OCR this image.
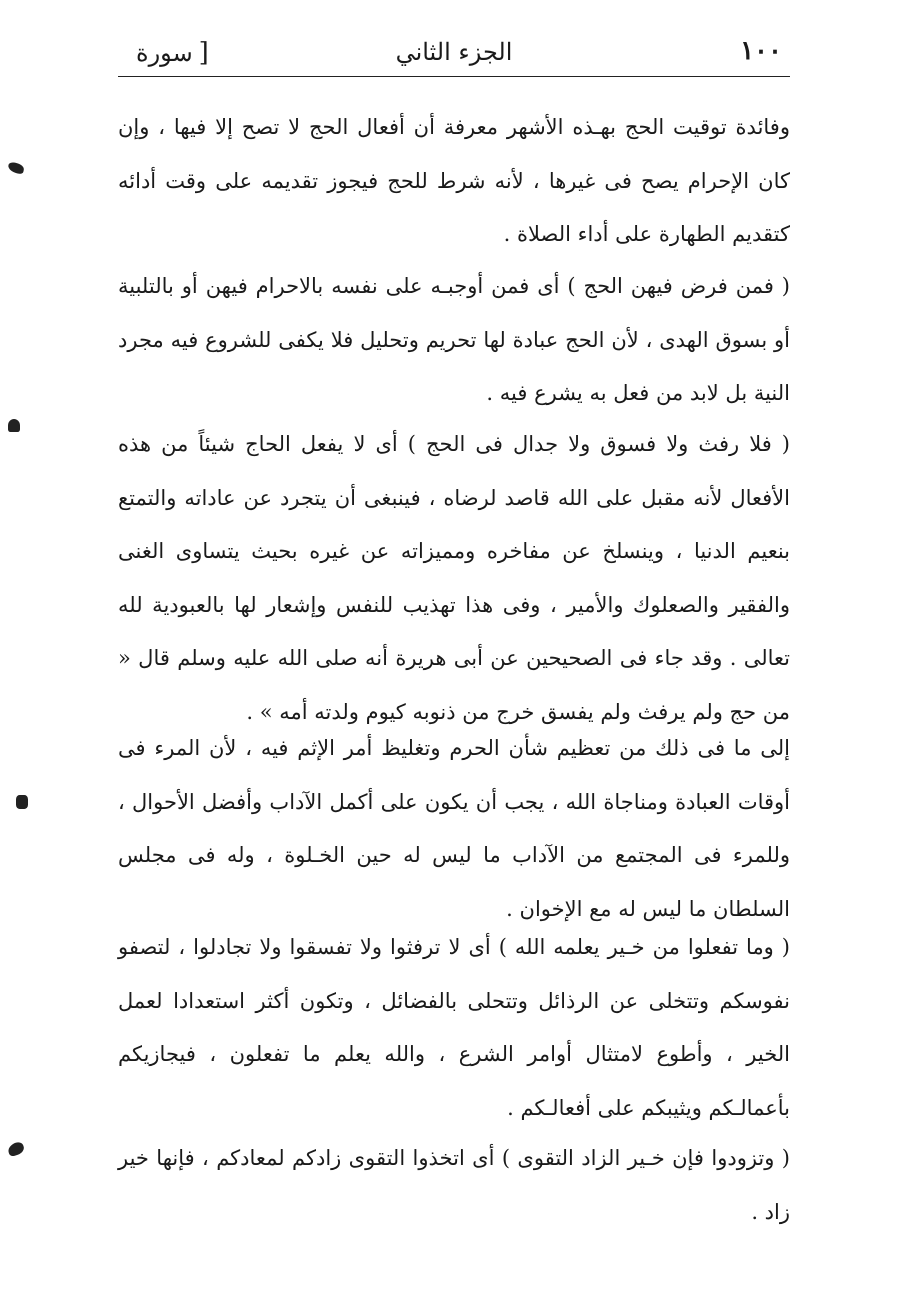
١٠٠
الجزء الثاني
[سورة

وفائدة توقيت الحج بهـذه الأشهر معرفة أن أفعال الحج لا تصح إلا فيها ، وإن كان الإحرام يصح فى غيرها ، لأنه شرط للحج فيجوز تقديمه على وقت أدائه كتقديم الطهارة على أداء الصلاة .

( فمن فرض فيهن الحج ) أى فمن أوجبـه على نفسه بالاحرام فيهن أو بالتلبية أو بسوق الهدى ، لأن الحج عبادة لها تحريم وتحليل فلا يكفى للشروع فيه مجرد النية بل لابد من فعل به يشرع فيه .

( فلا رفث ولا فسوق ولا جدال فى الحج ) أى لا يفعل الحاج شيئاً من هذه الأفعال لأنه مقبل على الله قاصد لرضاه ، فينبغى أن يتجرد عن عاداته والتمتع بنعيم الدنيا ، وينسلخ عن مفاخره ومميزاته عن غيره بحيث يتساوى الغنى والفقير والصعلوك والأمير ، وفى هذا تهذيب للنفس وإشعار لها بالعبودية لله تعالى . وقد جاء فى الصحيحين عن أبى هريرة أنه صلى الله عليه وسلم قال « من حج ولم يرفث ولم يفسق خرج من ذنوبه كيوم ولدته أمه » .

إلى ما فى ذلك من تعظيم شأن الحرم وتغليظ أمر الإثم فيه ، لأن المرء فى أوقات العبادة ومناجاة الله ، يجب أن يكون على أكمل الآداب وأفضل الأحوال ، وللمرء فى المجتمع من الآداب ما ليس له حين الخـلوة ، وله فى مجلس السلطان ما ليس له مع الإخوان .

( وما تفعلوا من خـير يعلمه الله ) أى لا ترفثوا ولا تفسقوا ولا تجادلوا ، لتصفو نفوسكم وتتخلى عن الرذائل وتتحلى بالفضائل ، وتكون أكثر استعدادا لعمل الخير ، وأطوع لامتثال أوامر الشرع ، والله يعلم ما تفعلون ، فيجازيكم بأعمالـكم ويثيبكم على أفعالـكم .

( وتزودوا فإن خـير الزاد التقوى ) أى اتخذوا التقوى زادكم لمعادكم ، فإنها خير زاد .
